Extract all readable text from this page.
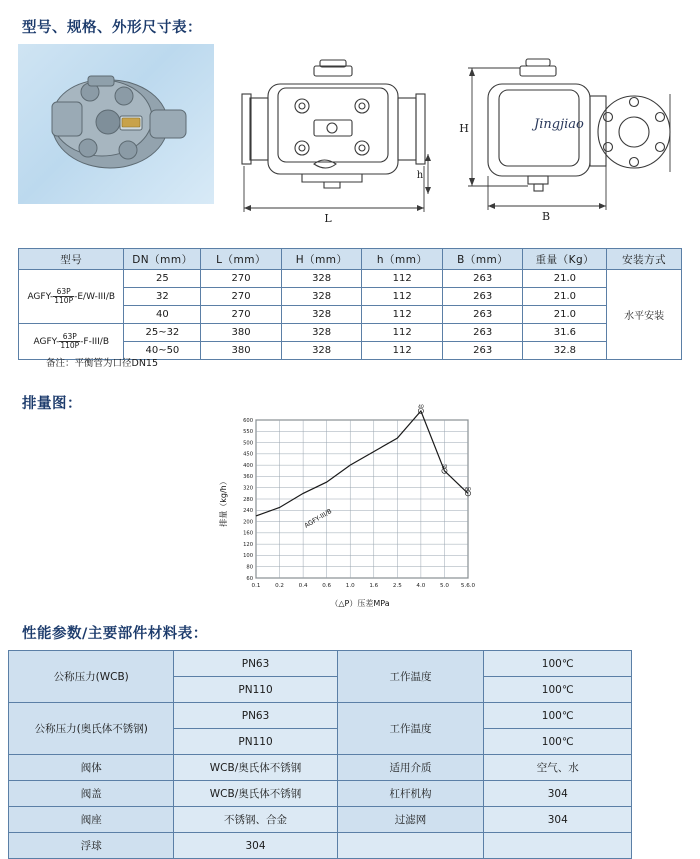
型号、规格、外形尺寸表：
L
h
Jingjiao
H
B
型号	DN（mm）	L（mm）	H（mm）	h（mm）	B（mm）	重量（Kg）	安装方式
AGFY- $\frac{63P}{110P} -E/W-III/B$	25	270	328	112	263	21.0	水平安装
	32	270	328	112	263	21.0	
	40	270	328	112	263	21.0	
AGFY- $\frac{63P}{110P} -F-III/B$	25~32	380	328	112	263	31.6	
	40~50	380	328	112	263	32.8	
备注：平衡管为口径DN15
排量图：
60
80
100
120
160
200
240
280
320
360
400
450
500
550
600
0.1	0.2	0.4	0.6	1.0	1.6	2.5	4.0	5.0 5.6.0
AGFY-III/B
40
50
60
（△P）压差MPa
排量（kg/h）
性能参数/主要部件材料表：
公称压力(WCB)	PN63	工作温度	100℃
	PN110		100℃
公称压力(奥氏体不锈钢)	PN63	工作温度	100℃
	PN110		100℃
阀体	WCB/奥氏体不锈钢	适用介质	空气、水
阀盖	WCB/奥氏体不锈钢	杠杆机构	304
阀座	不锈钢、合金	过滤网	304
浮球	304		
